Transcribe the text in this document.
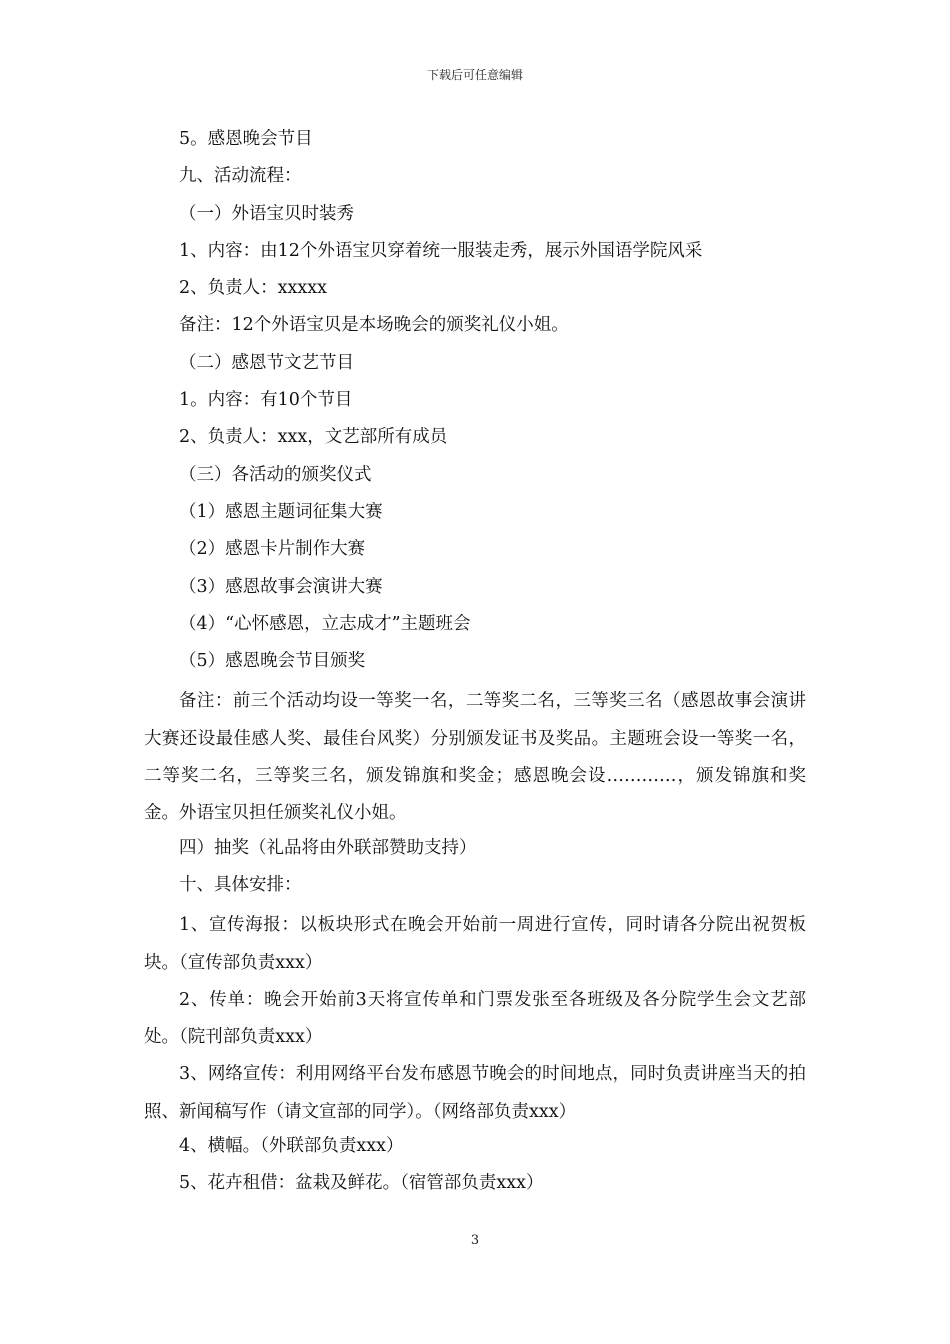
下载后可任意编辑
5。感恩晚会节目
九、活动流程：
（一）外语宝贝时装秀
1、内容：由12个外语宝贝穿着统一服装走秀，展示外国语学院风采
2、负责人：xxxxx
备注：12个外语宝贝是本场晚会的颁奖礼仪小姐。
（二）感恩节文艺节目
1。内容：有10个节目
2、负责人：xxx，文艺部所有成员
（三）各活动的颁奖仪式
（1）感恩主题词征集大赛
（2）感恩卡片制作大赛
（3）感恩故事会演讲大赛
（4）“心怀感恩，立志成才”主题班会
（5）感恩晚会节目颁奖
备注：前三个活动均设一等奖一名，二等奖二名，三等奖三名（感恩故事会演讲大赛还设最佳感人奖、最佳台风奖）分别颁发证书及奖品。主题班会设一等奖一名，二等奖二名，三等奖三名，颁发锦旗和奖金；感恩晚会设…………，颁发锦旗和奖金。外语宝贝担任颁奖礼仪小姐。
四）抽奖（礼品将由外联部赞助支持）
十、具体安排：
1、宣传海报：以板块形式在晚会开始前一周进行宣传，同时请各分院出祝贺板块。（宣传部负责xxx）
2、传单：晚会开始前3天将宣传单和门票发张至各班级及各分院学生会文艺部处。（院刊部负责xxx）
3、网络宣传：利用网络平台发布感恩节晚会的时间地点，同时负责讲座当天的拍照、新闻稿写作（请文宣部的同学）。（网络部负责xxx）
4、横幅。（外联部负责xxx）
5、花卉租借：盆栽及鲜花。（宿管部负责xxx）
3
